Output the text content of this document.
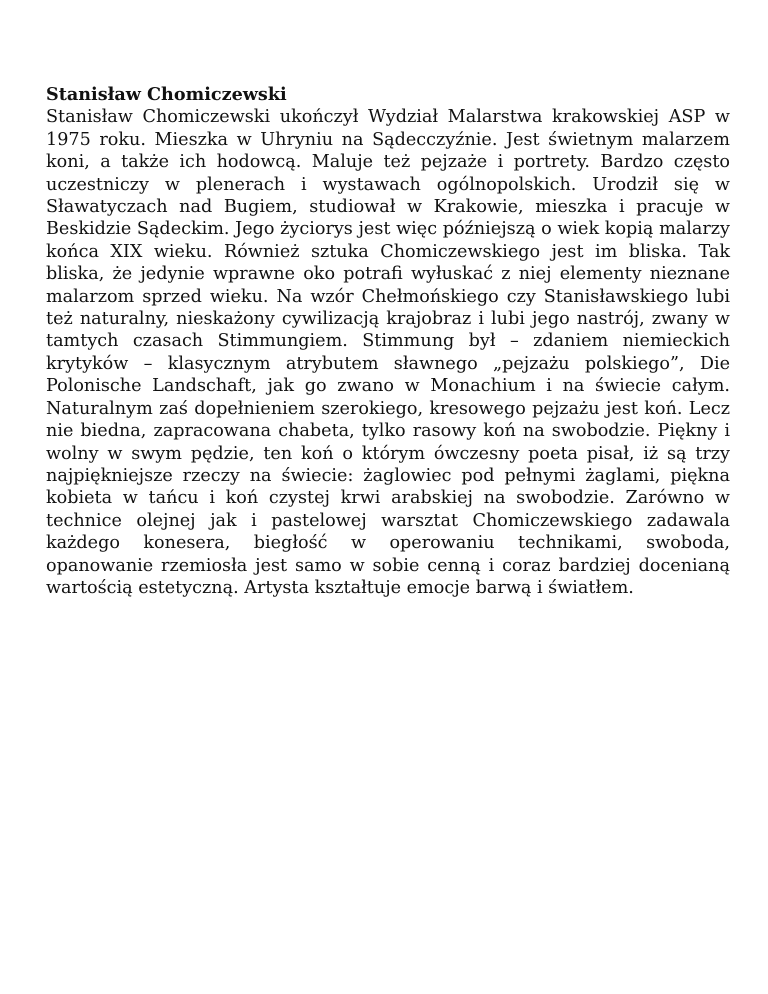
Stanisław Chomiczewski

Stanisław Chomiczewski ukończył Wydział Malarstwa krakowskiej ASP w 1975 roku. Mieszka w Uhryniu na Sądecczyźnie. Jest świetnym malarzem koni, a także ich hodowcą. Maluje też pejzaże i portrety. Bardzo często uczestniczy w plenerach i wystawach ogólnopolskich. Urodził się w Sławatyczach nad Bugiem, studiował w Krakowie, mieszka i pracuje w Beskidzie Sądeckim. Jego życiorys jest więc późniejszą o wiek kopią malarzy końca XIX wieku. Również sztuka Chomiczewskiego jest im bliska. Tak bliska, że jedynie wprawne oko potrafi wyłuskać z niej elementy nieznane malarzom sprzed wieku. Na wzór Chełmońskiego czy Stanisławskiego lubi też naturalny, nieskażony cywilizacją krajobraz i lubi jego nastrój, zwany w tamtych czasach Stimmungiem. Stimmung był – zdaniem niemieckich krytyków – klasycznym atrybutem sławnego „pejzażu polskiego”, Die Polonische Landschaft, jak go zwano w Monachium i na świecie całym. Naturalnym zaś dopełnieniem szerokiego, kresowego pejzażu jest koń. Lecz nie biedna, zapracowana chabeta, tylko rasowy koń na swobodzie. Piękny i wolny w swym pędzie, ten koń o którym ówczesny poeta pisał, iż są trzy najpiękniejsze rzeczy na świecie: żaglowiec pod pełnymi żaglami, piękna kobieta w tańcu i koń czystej krwi arabskiej na swobodzie. Zarówno w technice olejnej jak i pastelowej warsztat Chomiczewskiego zadawala każdego konesera, biegłość w operowaniu technikami, swoboda, opanowanie rzemiosła jest samo w sobie cenną i coraz bardziej docenianą wartością estetyczną. Artysta kształtuje emocje barwą i światłem.
